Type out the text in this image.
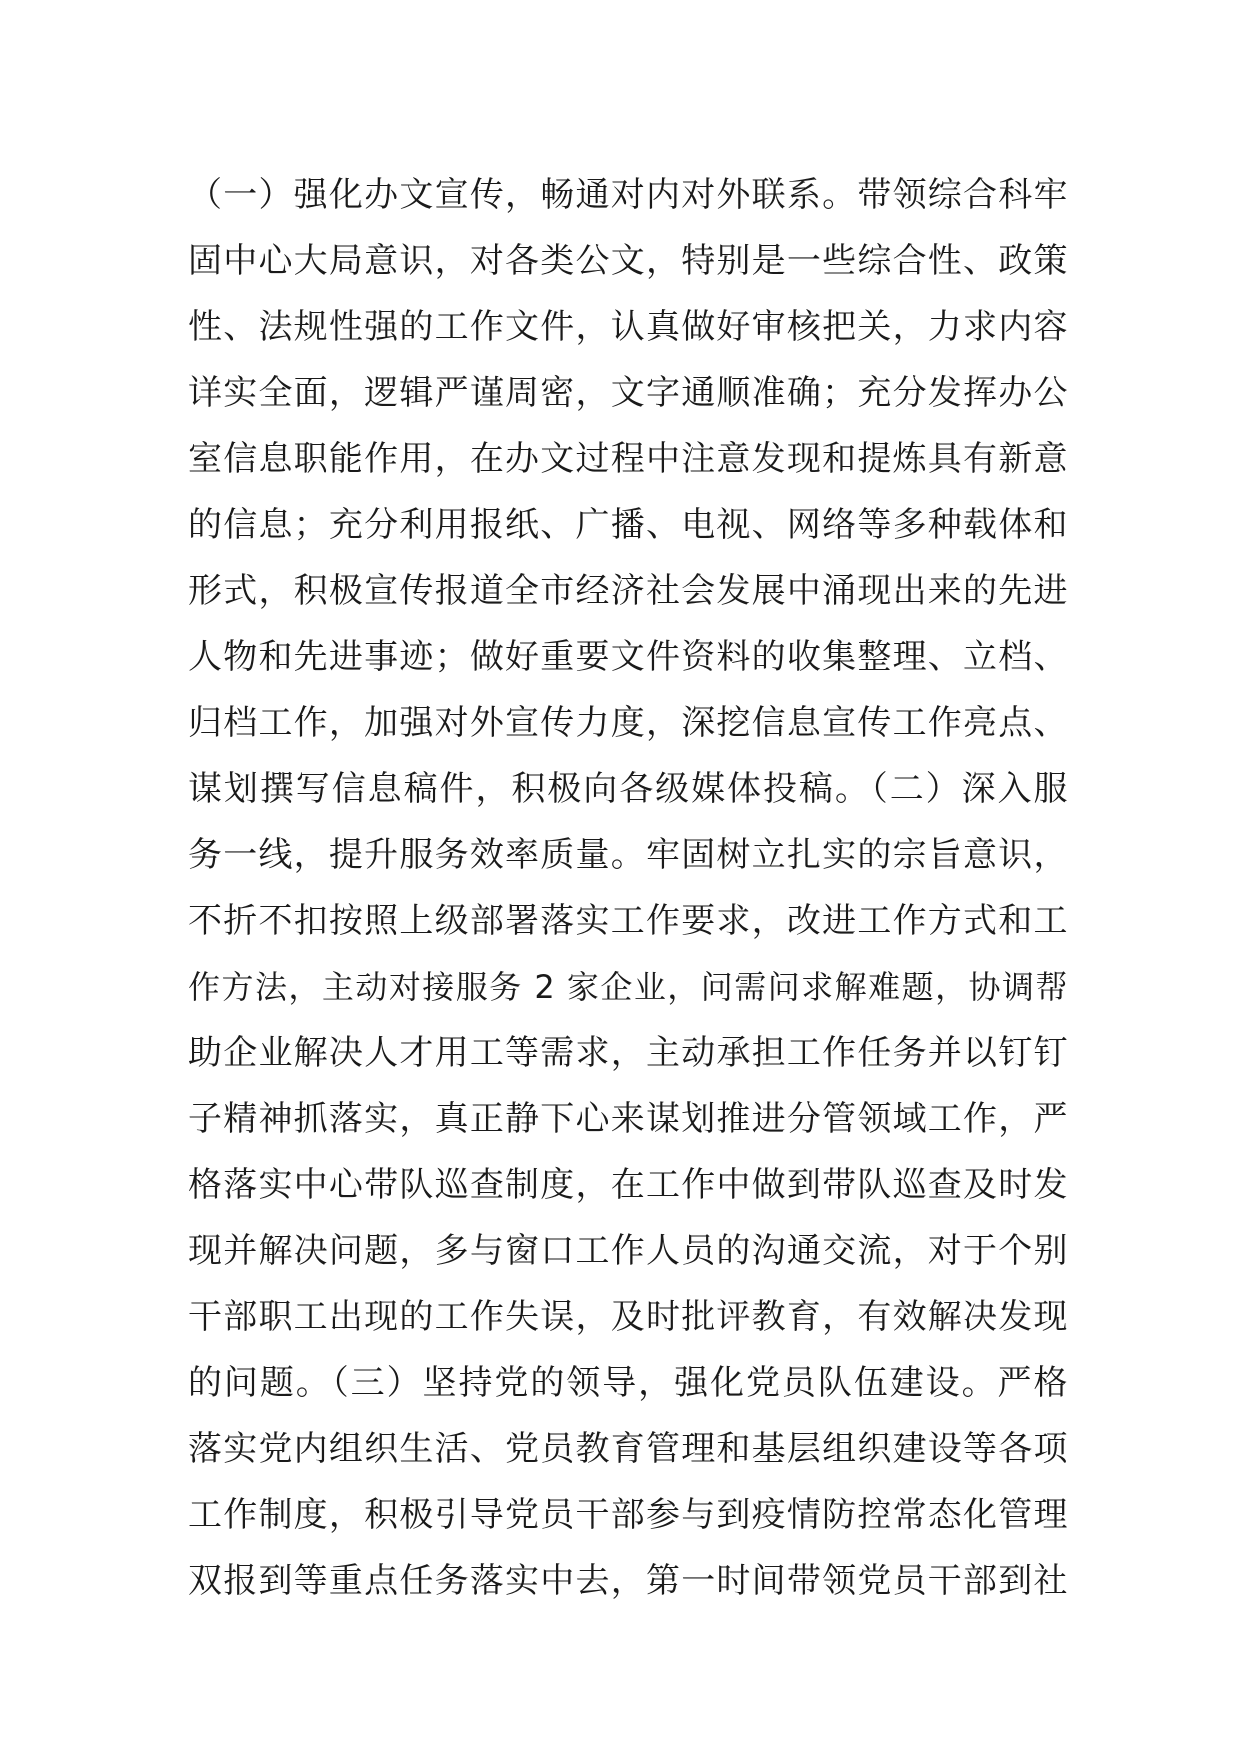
（一）强化办文宣传，畅通对内对外联系。带领综合科牢
固中心大局意识，对各类公文，特别是一些综合性、政策
性、法规性强的工作文件，认真做好审核把关，力求内容
详实全面，逻辑严谨周密，文字通顺准确；充分发挥办公
室信息职能作用，在办文过程中注意发现和提炼具有新意
的信息；充分利用报纸、广播、电视、网络等多种载体和
形式，积极宣传报道全市经济社会发展中涌现出来的先进
人物和先进事迹；做好重要文件资料的收集整理、立档、
归档工作，加强对外宣传力度，深挖信息宣传工作亮点、
谋划撰写信息稿件，积极向各级媒体投稿。（二）深入服
务一线，提升服务效率质量。牢固树立扎实的宗旨意识，
不折不扣按照上级部署落实工作要求，改进工作方式和工
作方法，主动对接服务 2 家企业，问需问求解难题，协调帮
助企业解决人才用工等需求，主动承担工作任务并以钉钉
子精神抓落实，真正静下心来谋划推进分管领域工作，严
格落实中心带队巡查制度，在工作中做到带队巡查及时发
现并解决问题，多与窗口工作人员的沟通交流，对于个别
干部职工出现的工作失误，及时批评教育，有效解决发现
的问题。（三）坚持党的领导，强化党员队伍建设。严格
落实党内组织生活、党员教育管理和基层组织建设等各项
工作制度，积极引导党员干部参与到疫情防控常态化管理
双报到等重点任务落实中去，第一时间带领党员干部到社
